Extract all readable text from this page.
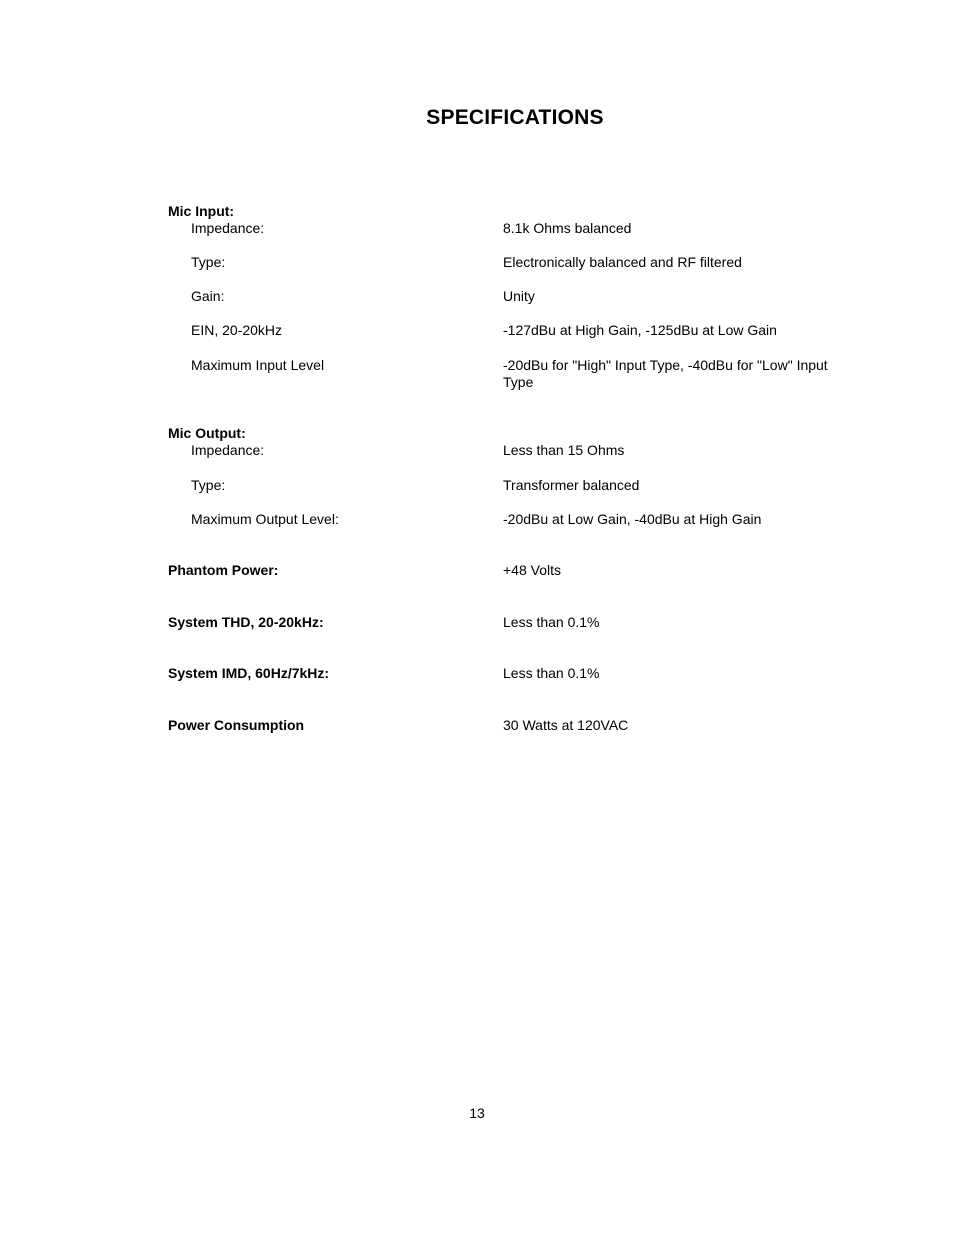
SPECIFICATIONS
Mic Input:
Impedance:	8.1k Ohms balanced
Type:	Electronically balanced and RF filtered
Gain:	Unity
EIN, 20-20kHz	-127dBu at High Gain, -125dBu at Low Gain
Maximum Input Level	-20dBu for "High" Input Type, -40dBu for "Low" Input Type
Mic Output:
Impedance:	Less than 15 Ohms
Type:	Transformer balanced
Maximum Output Level:	-20dBu at Low Gain, -40dBu at High Gain
Phantom Power:	+48 Volts
System THD, 20-20kHz:	Less than 0.1%
System IMD, 60Hz/7kHz:	Less than 0.1%
Power Consumption	30 Watts at 120VAC
13
